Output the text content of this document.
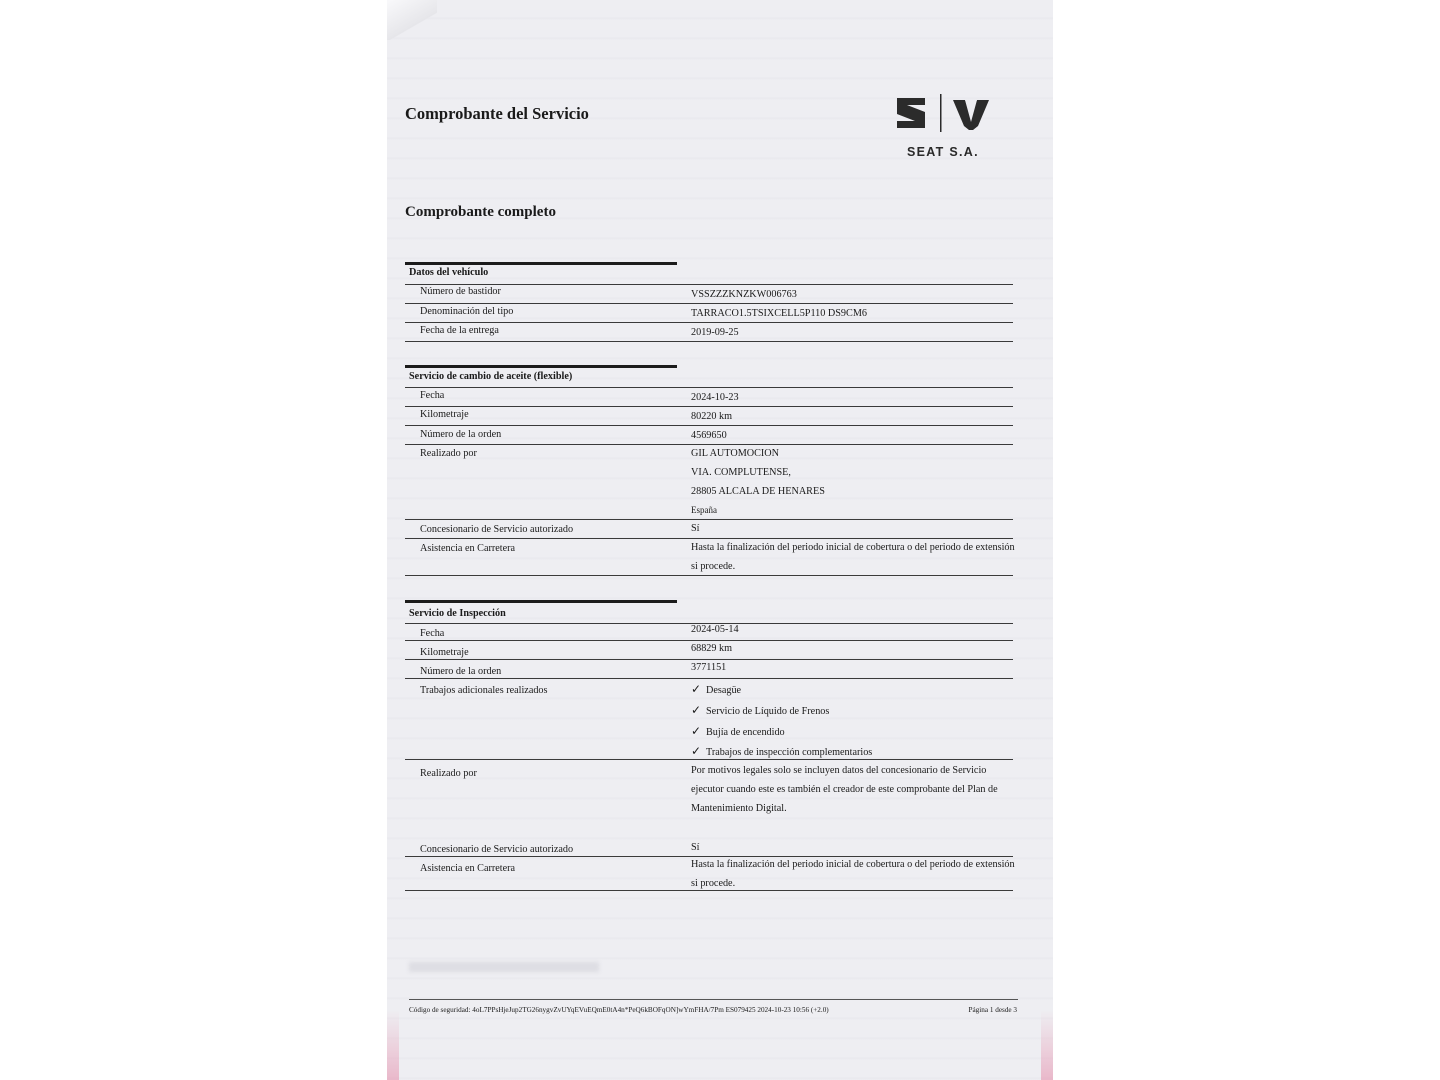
Comprobante del Servicio
SEAT S.A.
Comprobante completo
Datos del vehículo
Número de bastidor	VSSZZZKNZKW006763
Denominación del tipo	TARRACO1.5TSIXCELL5P110 DS9CM6
Fecha de la entrega	2019-09-25
Servicio de cambio de aceite (flexible)
Fecha	2024-10-23
Kilometraje	80220 km
Número de la orden	4569650
Realizado por	GIL AUTOMOCION
VIA. COMPLUTENSE,
28805 ALCALA DE HENARES
España
Concesionario de Servicio autorizado	Sí
Asistencia en Carretera	Hasta la finalización del periodo inicial de cobertura o del periodo de extensión si procede.
Servicio de Inspección
Fecha	2024-05-14
Kilometraje	68829 km
Número de la orden	3771151
Trabajos adicionales realizados	✓ Desagüe
✓ Servicio de Líquido de Frenos
✓ Bujía de encendido
✓ Trabajos de inspección complementarios
Realizado por	Por motivos legales solo se incluyen datos del concesionario de Servicio ejecutor cuando este es también el creador de este comprobante del Plan de Mantenimiento Digital.
Concesionario de Servicio autorizado	Sí
Asistencia en Carretera	Hasta la finalización del periodo inicial de cobertura o del periodo de extensión si procede.
Código de seguridad: 4oL7PPsHjeJup2TG26nygvZvUYqEVuEQmE0tA4n*PeQ6kBOFqON]wYmFHA/7Pm ES079425 2024-10-23 10:56 (+2.0)	Página 1 desde 3
